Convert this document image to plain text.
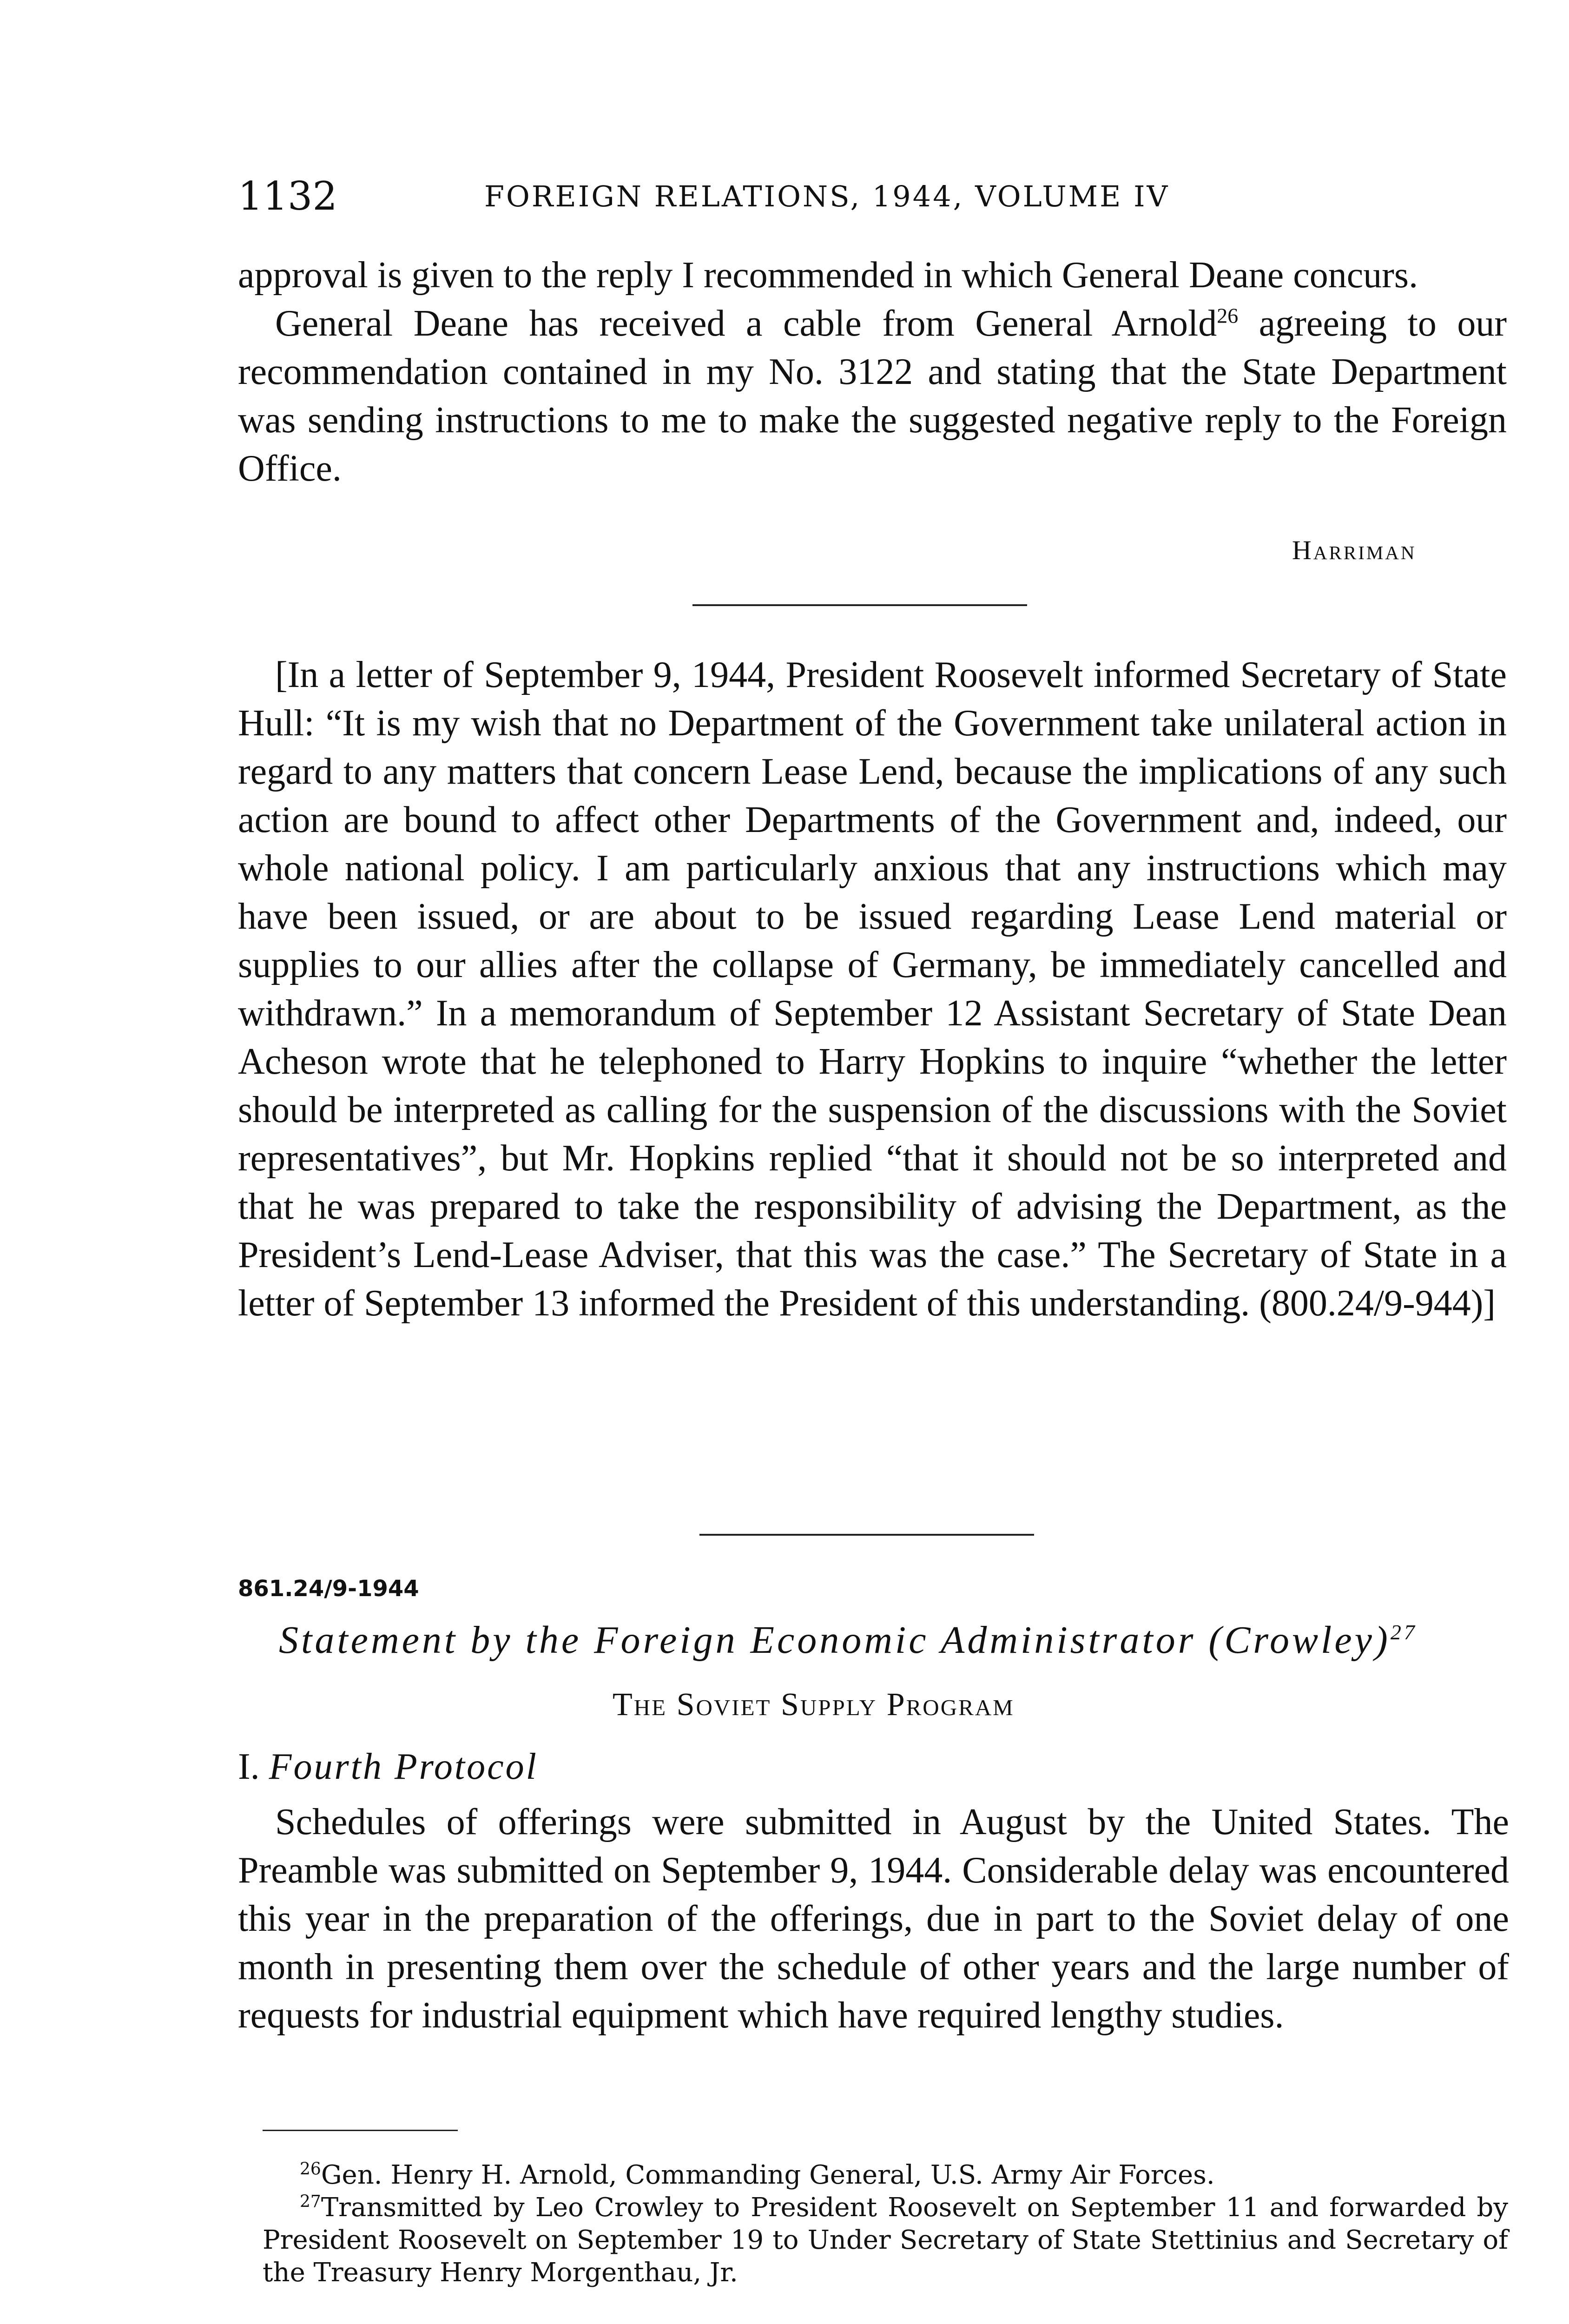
1132	FOREIGN RELATIONS, 1944, VOLUME IV

approval is given to the reply I recommended in which General Deane concurs.

General Deane has received a cable from General Arnold$^{26}$ agreeing to our recommendation contained in my No. 3122 and stating that the State Department was sending instructions to me to make the suggested negative reply to the Foreign Office.

Harriman

[In a letter of September 9, 1944, President Roosevelt informed Secretary of State Hull: “It is my wish that no Department of the Government take unilateral action in regard to any matters that concern Lease Lend, because the implications of any such action are bound to affect other Departments of the Government and, indeed, our whole national policy. I am particularly anxious that any instructions which may have been issued, or are about to be issued regarding Lease Lend material or supplies to our allies after the collapse of Germany, be immediately cancelled and withdrawn.” In a memorandum of September 12 Assistant Secretary of State Dean Acheson wrote that he telephoned to Harry Hopkins to inquire “whether the letter should be interpreted as calling for the suspension of the discussions with the Soviet representatives”, but Mr. Hopkins replied “that it should not be so interpreted and that he was prepared to take the responsibility of advising the Department, as the President’s Lend-Lease Adviser, that this was the case.” The Secretary of State in a letter of September 13 informed the President of this understanding. (800.24/9-944)]

861.24/9-1944
Statement by the Foreign Economic Administrator (Crowley)$^{27}$
The Soviet Supply Program
I. Fourth Protocol

Schedules of offerings were submitted in August by the United States. The Preamble was submitted on September 9, 1944. Considerable delay was encountered this year in the preparation of the offerings, due in part to the Soviet delay of one month in presenting them over the schedule of other years and the large number of requests for industrial equipment which have required lengthy studies.

$^{26}$Gen. Henry H. Arnold, Commanding General, U.S. Army Air Forces.

$^{27}$Transmitted by Leo Crowley to President Roosevelt on September 11 and forwarded by President Roosevelt on September 19 to Under Secretary of State Stettinius and Secretary of the Treasury Henry Morgenthau, Jr.
